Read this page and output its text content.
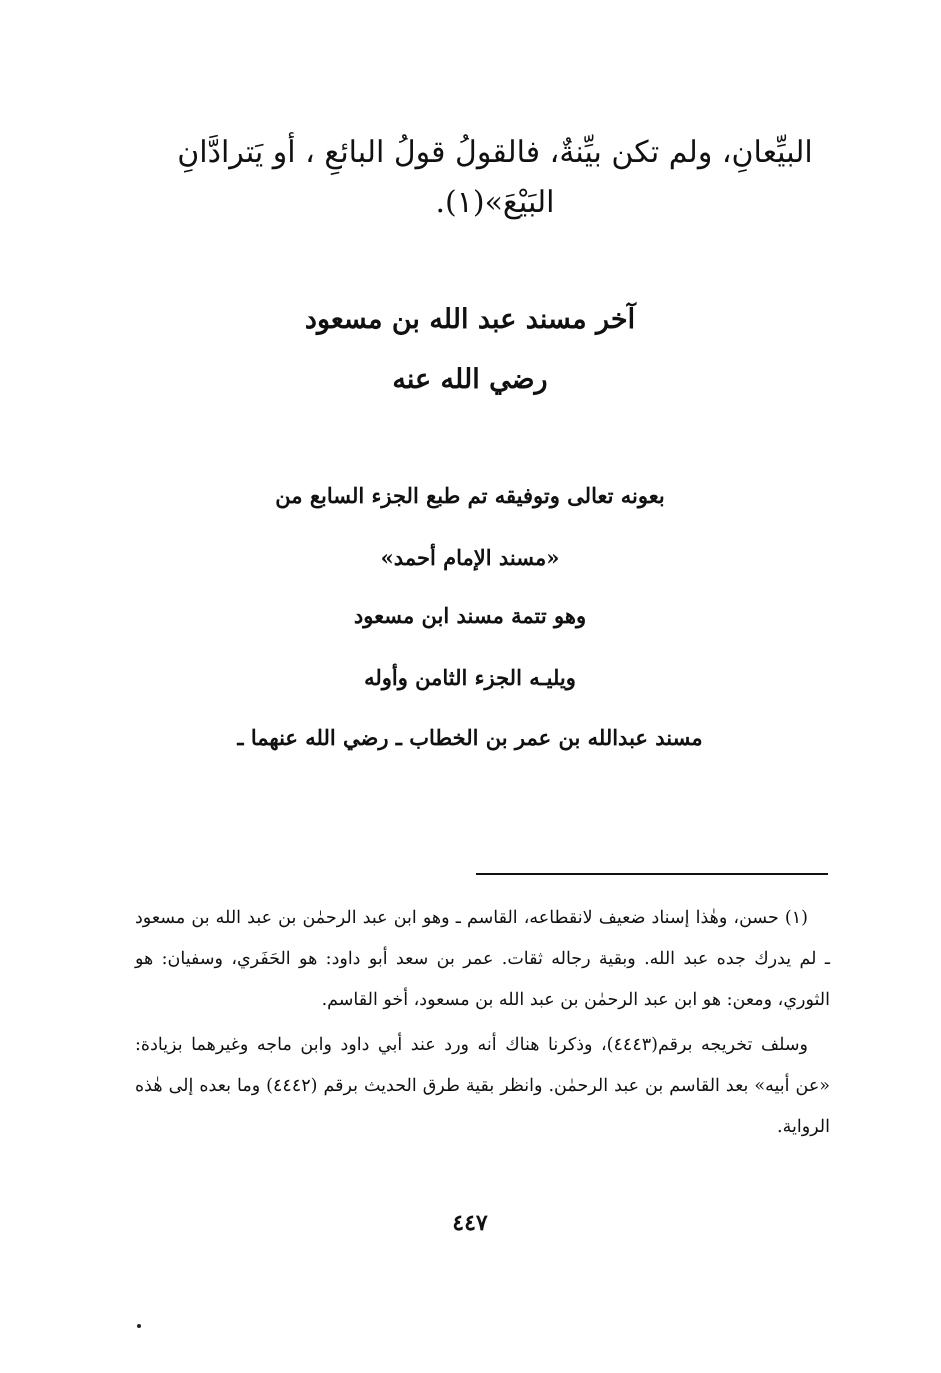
البيِّعانِ، ولم تكن بيِّنةٌ، فالقولُ قولُ البائعِ ، أو يَترادَّانِ البَيْعَ»(١).
آخر مسند عبد الله بن مسعود
رضي الله عنه
بعونه تعالى وتوفيقه تم طبع الجزء السابع من
«مسند الإمام أحمد»
وهو تتمة مسند ابن مسعود
ويليـه الجزء الثامن وأوله
مسند عبدالله بن عمر بن الخطاب ـ رضي الله عنهما ـ

(١) حسن، وهٰذا إسناد ضعيف لانقطاعه، القاسم ـ وهو ابن عبد الرحمٰن بن عبد الله بن مسعود ـ لم يدرك جده عبد الله. وبقية رجاله ثقات. عمر بن سعد أبو داود: هو الحَفَري، وسفيان: هو الثوري، ومعن: هو ابن عبد الرحمٰن بن عبد الله بن مسعود، أخو القاسم.

وسلف تخريجه برقم(٤٤٤٣)، وذكرنا هناك أنه ورد عند أبي داود وابن ماجه وغيرهما بزيادة: «عن أبيه» بعد القاسم بن عبد الرحمٰن. وانظر بقية طرق الحديث برقم (٤٤٤٢) وما بعده إلى هٰذه الرواية.

٤٤٧
